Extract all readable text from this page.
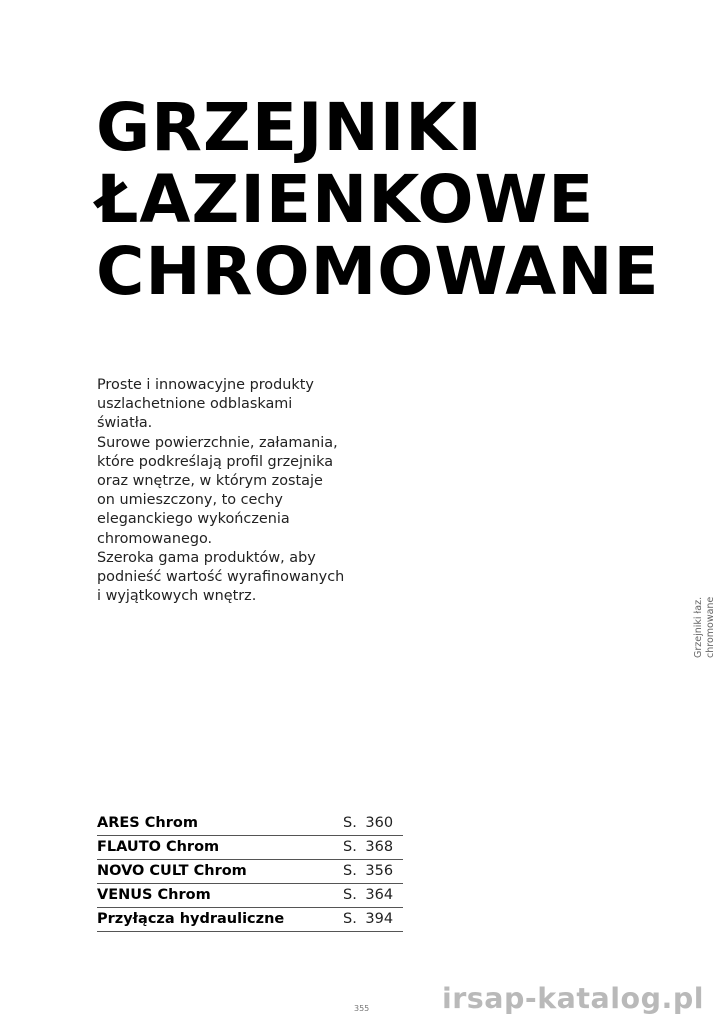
GRZEJNIKI
ŁAZIENKOWE
CHROMOWANE

Proste i innowacyjne produkty
uszlachetnione odblaskami
światła.
Surowe powierzchnie, załamania,
które podkreślają profil grzejnika
oraz wnętrze, w którym zostaje
on umieszczony, to cechy
eleganckiego wykończenia
chromowanego.
Szeroka gama produktów, aby
podnieść wartość wyrafinowanych
i wyjątkowych wnętrz.

Grzejniki łaz. chromowane
ARES Chrom	S. 360
FLAUTO Chrom	S. 368
NOVO CULT Chrom	S. 356
VENUS Chrom	S. 364
Przyłącza hydrauliczne	S. 394
355	irsap-katalog.pl
